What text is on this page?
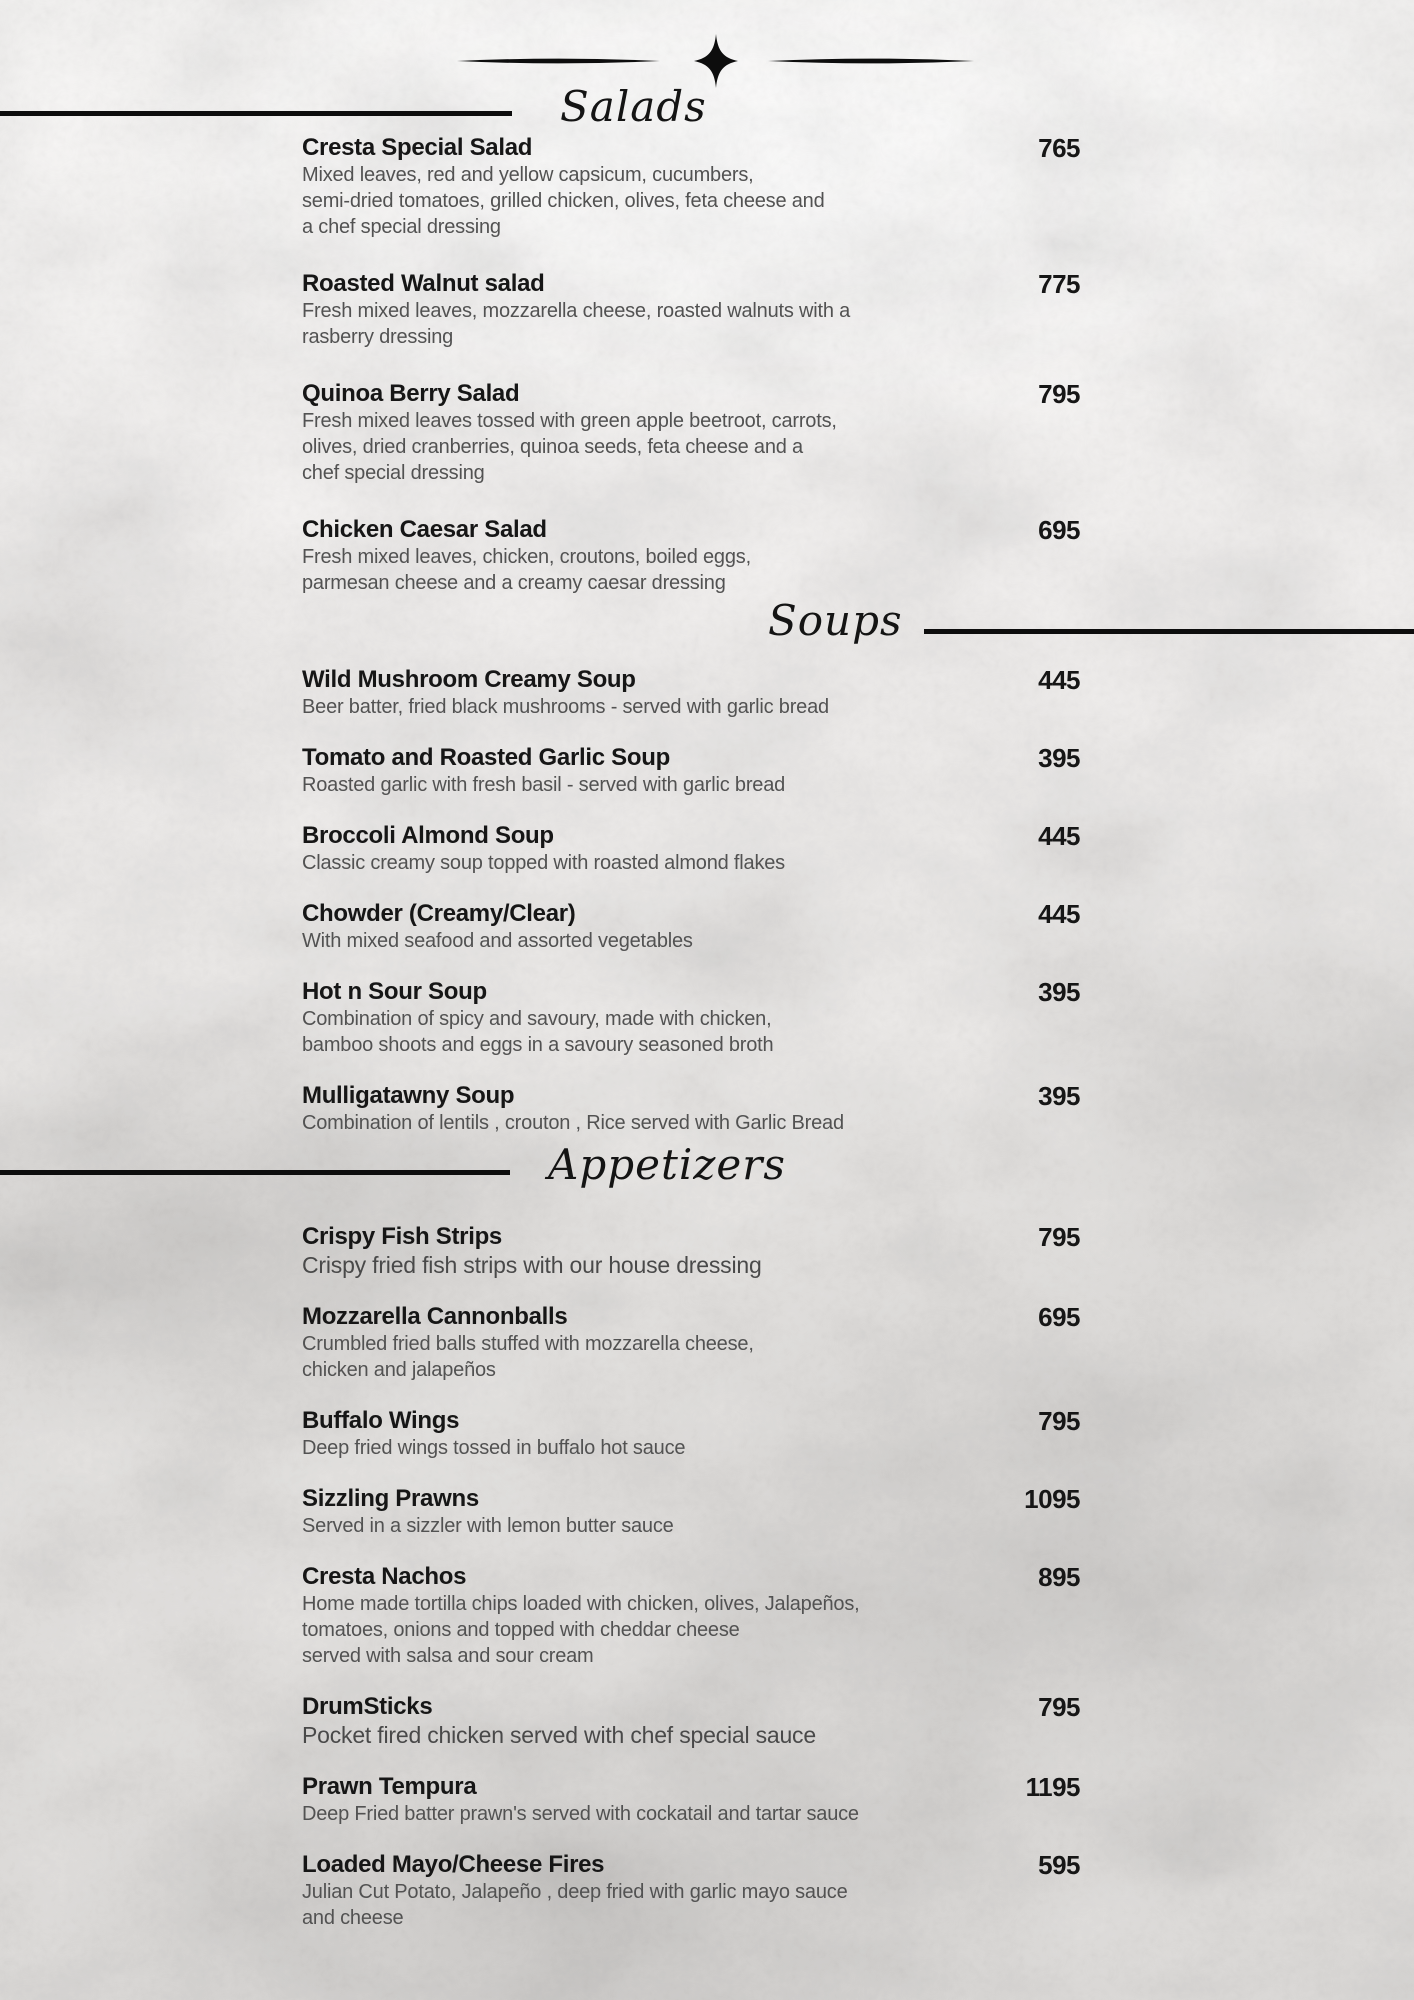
Salads
Soups
Appetizers
Cresta Special Salad	765
Mixed leaves, red and yellow capsicum, cucumbers,
semi-dried tomatoes, grilled chicken, olives, feta cheese and
a chef special dressing
Roasted Walnut salad	775
Fresh mixed leaves, mozzarella cheese, roasted walnuts with a
rasberry dressing
Quinoa Berry Salad	795
Fresh mixed leaves tossed with green apple beetroot, carrots,
olives, dried cranberries, quinoa seeds, feta cheese and a
chef special dressing
Chicken Caesar Salad	695
Fresh mixed leaves, chicken, croutons, boiled eggs,
parmesan cheese and a creamy caesar dressing
Wild Mushroom Creamy Soup	445
Beer batter, fried black mushrooms - served with garlic bread
Tomato and Roasted Garlic Soup	395
Roasted garlic with fresh basil - served with garlic bread
Broccoli Almond Soup	445
Classic creamy soup topped with roasted almond flakes
Chowder (Creamy/Clear)	445
With mixed seafood and assorted vegetables
Hot n Sour Soup	395
Combination of spicy and savoury, made with chicken,
bamboo shoots and eggs in a savoury seasoned broth
Mulligatawny Soup	395
Combination of lentils , crouton , Rice served with Garlic Bread
Crispy Fish Strips	795
Crispy fried fish strips with our house dressing
Mozzarella Cannonballs	695
Crumbled fried balls stuffed with mozzarella cheese,
chicken and jalapeños
Buffalo Wings	795
Deep fried wings tossed in buffalo hot sauce
Sizzling Prawns	1095
Served in a sizzler with lemon butter sauce
Cresta Nachos	895
Home made tortilla chips loaded with chicken, olives, Jalapeños,
tomatoes, onions and topped with cheddar cheese
served with salsa and sour cream
DrumSticks	795
Pocket fired chicken served with chef special sauce
Prawn Tempura	1195
Deep Fried batter prawn's served with cockatail and tartar sauce
Loaded Mayo/Cheese Fires	595
Julian Cut Potato, Jalapeño , deep fried with garlic mayo sauce
and cheese
